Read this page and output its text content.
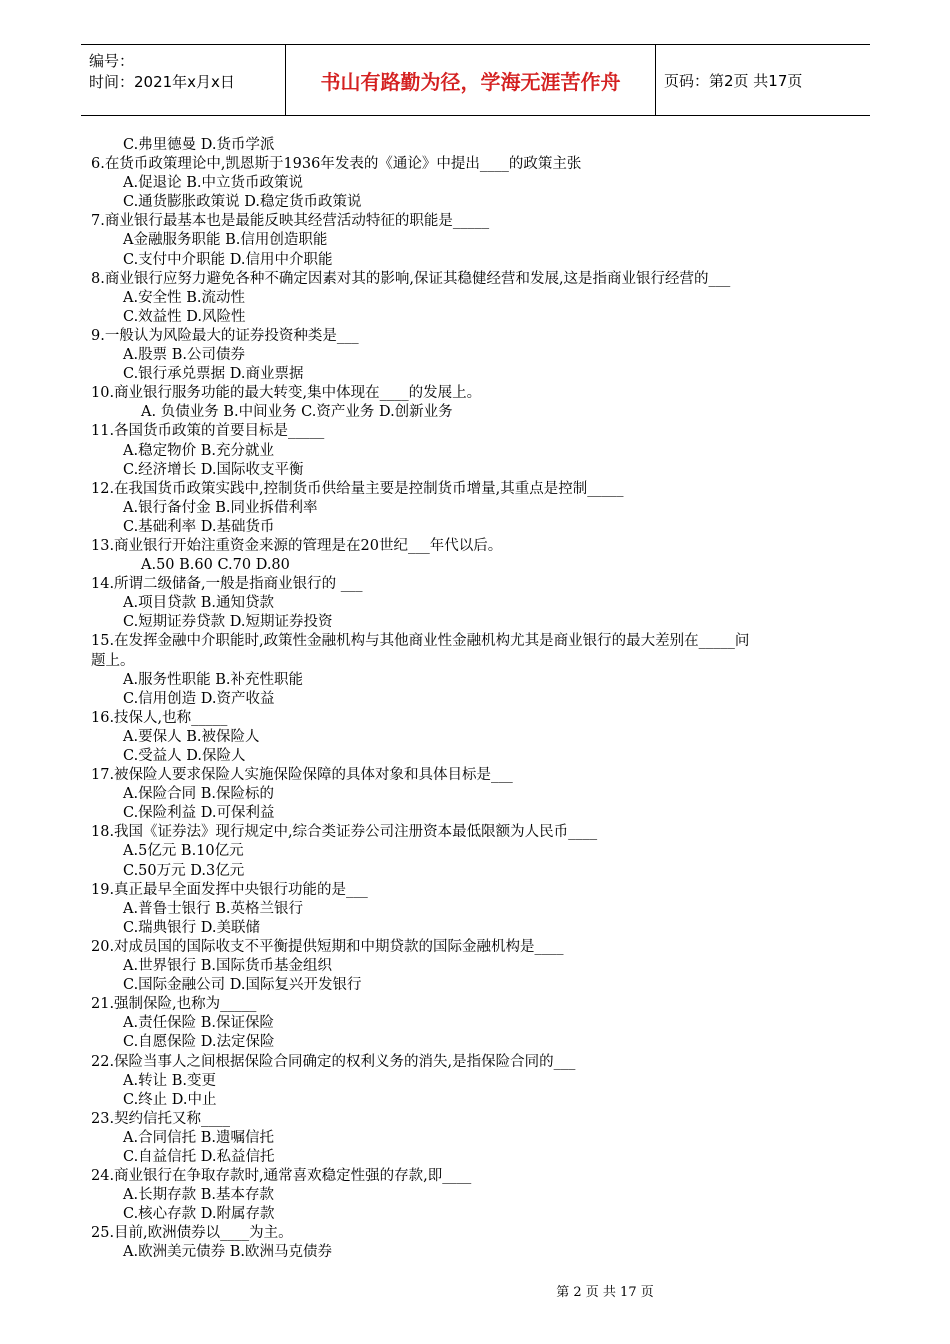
编号：
时间：2021年x月x日	书山有路勤为径，学海无涯苦作舟	页码：第2页 共17页
C.弗里德曼 D.货币学派
6.在货币政策理论中,凯恩斯于1936年发表的《通论》中提出____的政策主张
A.促退论 B.中立货币政策说
C.通货膨胀政策说 D.稳定货币政策说
7.商业银行最基本也是最能反映其经营活动特征的职能是_____
A金融服务职能 B.信用创造职能
C.支付中介职能 D.信用中介职能
8.商业银行应努力避免各种不确定因素对其的影响,保证其稳健经营和发展,这是指商业银行经营的___
A.安全性 B.流动性
C.效益性 D.风险性
9.一般认为风险最大的证券投资种类是___
A.股票 B.公司债券
C.银行承兑票据 D.商业票据
10.商业银行服务功能的最大转变,集中体现在____的发展上。
A. 负债业务 B.中间业务 C.资产业务 D.创新业务
11.各国货币政策的首要目标是_____
A.稳定物价 B.充分就业
C.经济增长 D.国际收支平衡
12.在我国货币政策实践中,控制货币供给量主要是控制货币增量,其重点是控制_____
A.银行备付金 B.同业拆借利率
C.基础利率 D.基础货币
13.商业银行开始注重资金来源的管理是在20世纪___年代以后。
A.50 B.60 C.70 D.80
14.所谓二级储备,一般是指商业银行的 ___
A.项目贷款 B.通知贷款
C.短期证券贷款 D.短期证券投资
15.在发挥金融中介职能时,政策性金融机构与其他商业性金融机构尤其是商业银行的最大差别在_____问
题上。
A.服务性职能 B.补充性职能
C.信用创造 D.资产收益
16.技保人,也称_____
A.要保人 B.被保险人
C.受益人 D.保险人
17.被保险人要求保险人实施保险保障的具体对象和具体目标是___
A.保险合同 B.保险标的
C.保险利益 D.可保利益
18.我国《证券法》现行规定中,综合类证券公司注册资本最低限额为人民币____
A.5亿元 B.10亿元
C.50万元 D.3亿元
19.真正最早全面发挥中央银行功能的是___
A.普鲁士银行 B.英格兰银行
C.瑞典银行 D.美联储
20.对成员国的国际收支不平衡提供短期和中期贷款的国际金融机构是____
A.世界银行 B.国际货币基金组织
C.国际金融公司 D.国际复兴开发银行
21.强制保险,也称为_____
A.责任保险 B.保证保险
C.自愿保险 D.法定保险
22.保险当事人之间根据保险合同确定的权利义务的消失,是指保险合同的___
A.转让 B.变更
C.终止 D.中止
23.契约信托又称____
A.合同信托 B.遗嘱信托
C.自益信托 D.私益信托
24.商业银行在争取存款时,通常喜欢稳定性强的存款,即____
A.长期存款 B.基本存款
C.核心存款 D.附属存款
25.目前,欧洲债券以____为主。
A.欧洲美元债券 B.欧洲马克债券
第 2 页 共 17 页
